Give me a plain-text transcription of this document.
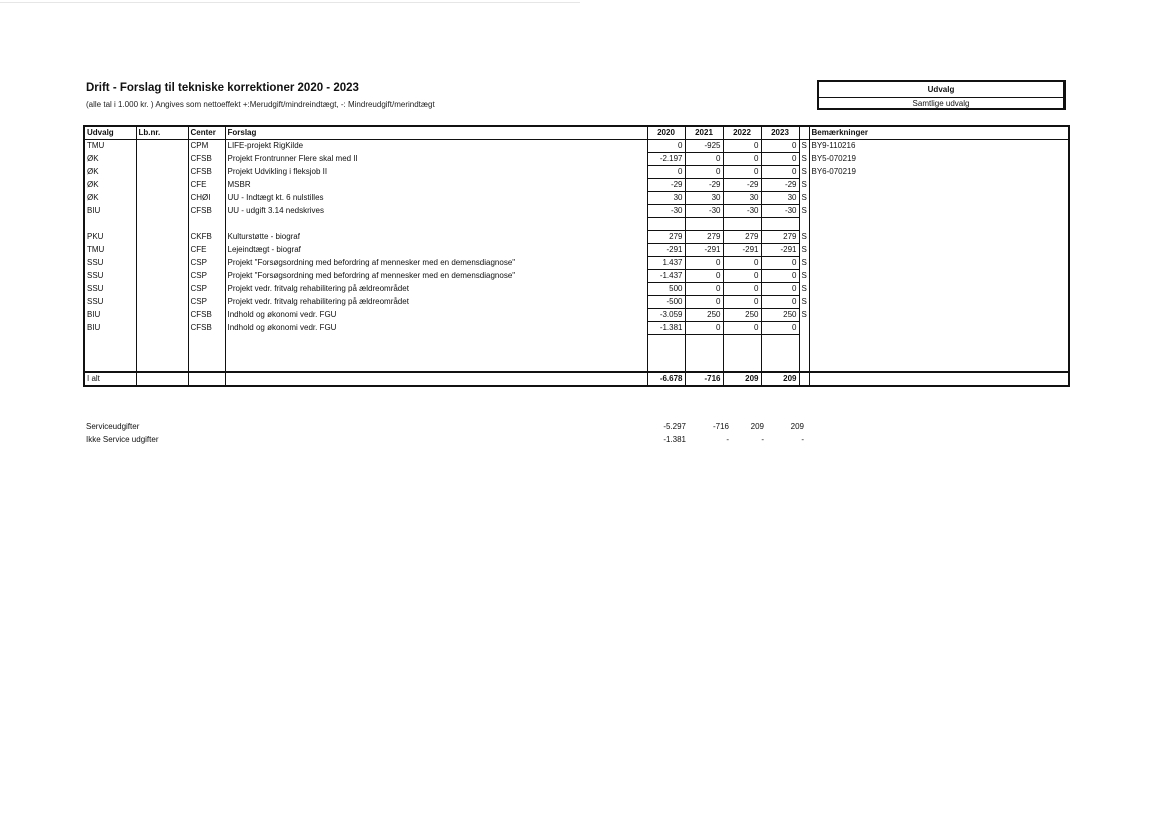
Drift - Forslag til tekniske korrektioner 2020 - 2023
(alle tal i 1.000 kr. ) Angives som nettoeffekt +:Merudgift/mindreindtægt, -: Mindreudgift/merindtægt
Udvalg
Samtlige udvalg
Udvalg	Lb.nr.	Center	Forslag	2020	2021	2022	2023		Bemærkninger
TMU		CPM	LIFE-projekt RigKilde	0	-925	0	0	S	BY9-110216
ØK		CFSB	Projekt Frontrunner Flere skal med II	-2.197	0	0	0	S	BY5-070219
ØK		CFSB	Projekt Udvikling i fleksjob II	0	0	0	0	S	BY6-070219
ØK		CFE	MSBR	-29	-29	-29	-29	S	
ØK		CHØI	UU - Indtægt kt. 6 nulstilles	30	30	30	30	S	
BIU		CFSB	UU - udgift 3.14 nedskrives	-30	-30	-30	-30	S	

PKU		CKFB	Kulturstøtte - biograf	279	279	279	279	S	
TMU		CFE	Lejeindtægt - biograf	-291	-291	-291	-291	S	
SSU		CSP	Projekt "Forsøgsordning med befordring af mennesker med en demensdiagnose"	1.437	0	0	0	S	
SSU		CSP	Projekt "Forsøgsordning med befordring af mennesker med en demensdiagnose"	-1.437	0	0	0	S	
SSU		CSP	Projekt vedr. fritvalg rehabilitering på ældreområdet	500	0	0	0	S	
SSU		CSP	Projekt vedr. fritvalg rehabilitering på ældreområdet	-500	0	0	0	S	
BIU		CFSB	Indhold og økonomi vedr. FGU	-3.059	250	250	250	S	
BIU		CFSB	Indhold og økonomi vedr. FGU	-1.381	0	0	0		

I alt				-6.678	-716	209	209		
Serviceudgifter	-5.297	-716	209	209
Ikke Service udgifter	-1.381	-	-	-
